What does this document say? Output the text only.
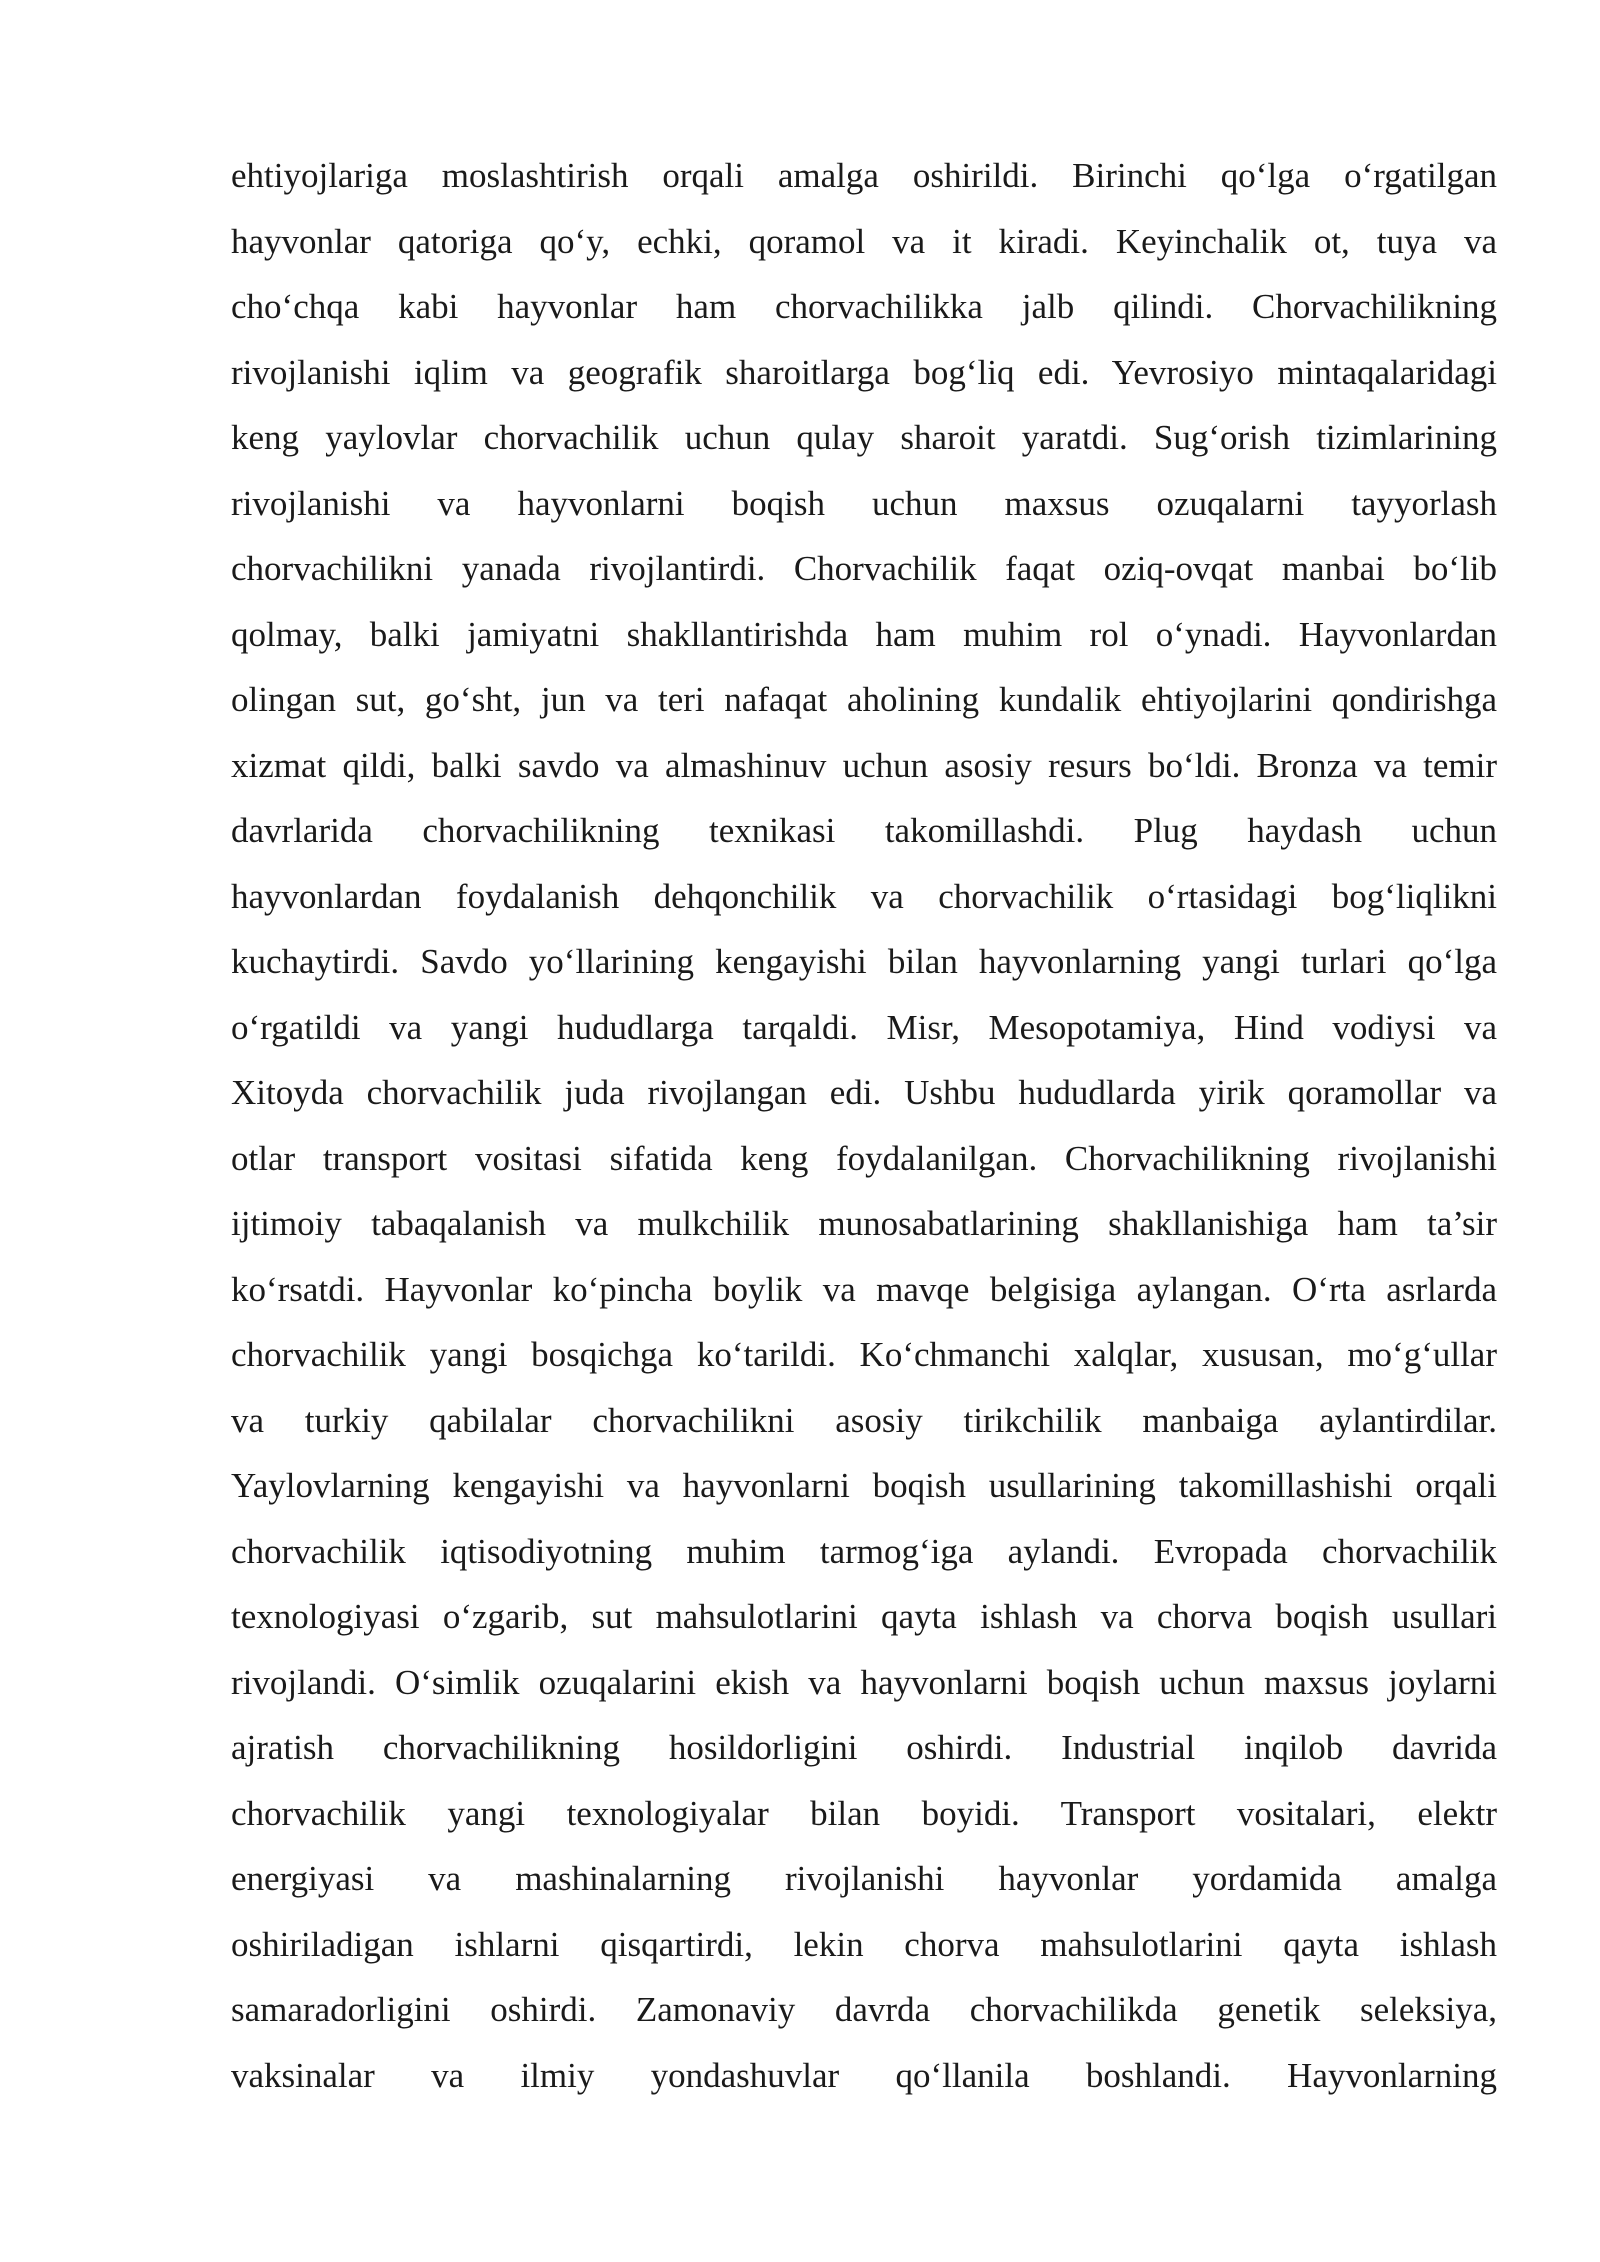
ehtiyojlariga moslashtirish orqali amalga oshirildi. Birinchi qo‘lga o‘rgatilgan
hayvonlar qatoriga qo‘y, echki, qoramol va it kiradi. Keyinchalik ot, tuya va
cho‘chqa kabi hayvonlar ham chorvachilikka jalb qilindi. Chorvachilikning
rivojlanishi iqlim va geografik sharoitlarga bog‘liq edi. Yevrosiyo mintaqalaridagi
keng yaylovlar chorvachilik uchun qulay sharoit yaratdi. Sug‘orish tizimlarining
rivojlanishi va hayvonlarni boqish uchun maxsus ozuqalarni tayyorlash
chorvachilikni yanada rivojlantirdi. Chorvachilik faqat oziq-ovqat manbai bo‘lib
qolmay, balki jamiyatni shakllantirishda ham muhim rol o‘ynadi. Hayvonlardan
olingan sut, go‘sht, jun va teri nafaqat aholining kundalik ehtiyojlarini qondirishga
xizmat qildi, balki savdo va almashinuv uchun asosiy resurs bo‘ldi. Bronza va temir
davrlarida chorvachilikning texnikasi takomillashdi. Plug haydash uchun
hayvonlardan foydalanish dehqonchilik va chorvachilik o‘rtasidagi bog‘liqlikni
kuchaytirdi. Savdo yo‘llarining kengayishi bilan hayvonlarning yangi turlari qo‘lga
o‘rgatildi va yangi hududlarga tarqaldi. Misr, Mesopotamiya, Hind vodiysi va
Xitoyda chorvachilik juda rivojlangan edi. Ushbu hududlarda yirik qoramollar va
otlar transport vositasi sifatida keng foydalanilgan. Chorvachilikning rivojlanishi
ijtimoiy tabaqalanish va mulkchilik munosabatlarining shakllanishiga ham ta’sir
ko‘rsatdi. Hayvonlar ko‘pincha boylik va mavqe belgisiga aylangan. O‘rta asrlarda
chorvachilik yangi bosqichga ko‘tarildi. Ko‘chmanchi xalqlar, xususan, mo‘g‘ullar
va turkiy qabilalar chorvachilikni asosiy tirikchilik manbaiga aylantirdilar.
Yaylovlarning kengayishi va hayvonlarni boqish usullarining takomillashishi orqali
chorvachilik iqtisodiyotning muhim tarmog‘iga aylandi. Evropada chorvachilik
texnologiyasi o‘zgarib, sut mahsulotlarini qayta ishlash va chorva boqish usullari
rivojlandi. O‘simlik ozuqalarini ekish va hayvonlarni boqish uchun maxsus joylarni
ajratish chorvachilikning hosildorligini oshirdi. Industrial inqilob davrida
chorvachilik yangi texnologiyalar bilan boyidi. Transport vositalari, elektr
energiyasi va mashinalarning rivojlanishi hayvonlar yordamida amalga
oshiriladigan ishlarni qisqartirdi, lekin chorva mahsulotlarini qayta ishlash
samaradorligini oshirdi. Zamonaviy davrda chorvachilikda genetik seleksiya,
vaksinalar va ilmiy yondashuvlar qo‘llanila boshlandi. Hayvonlarning
